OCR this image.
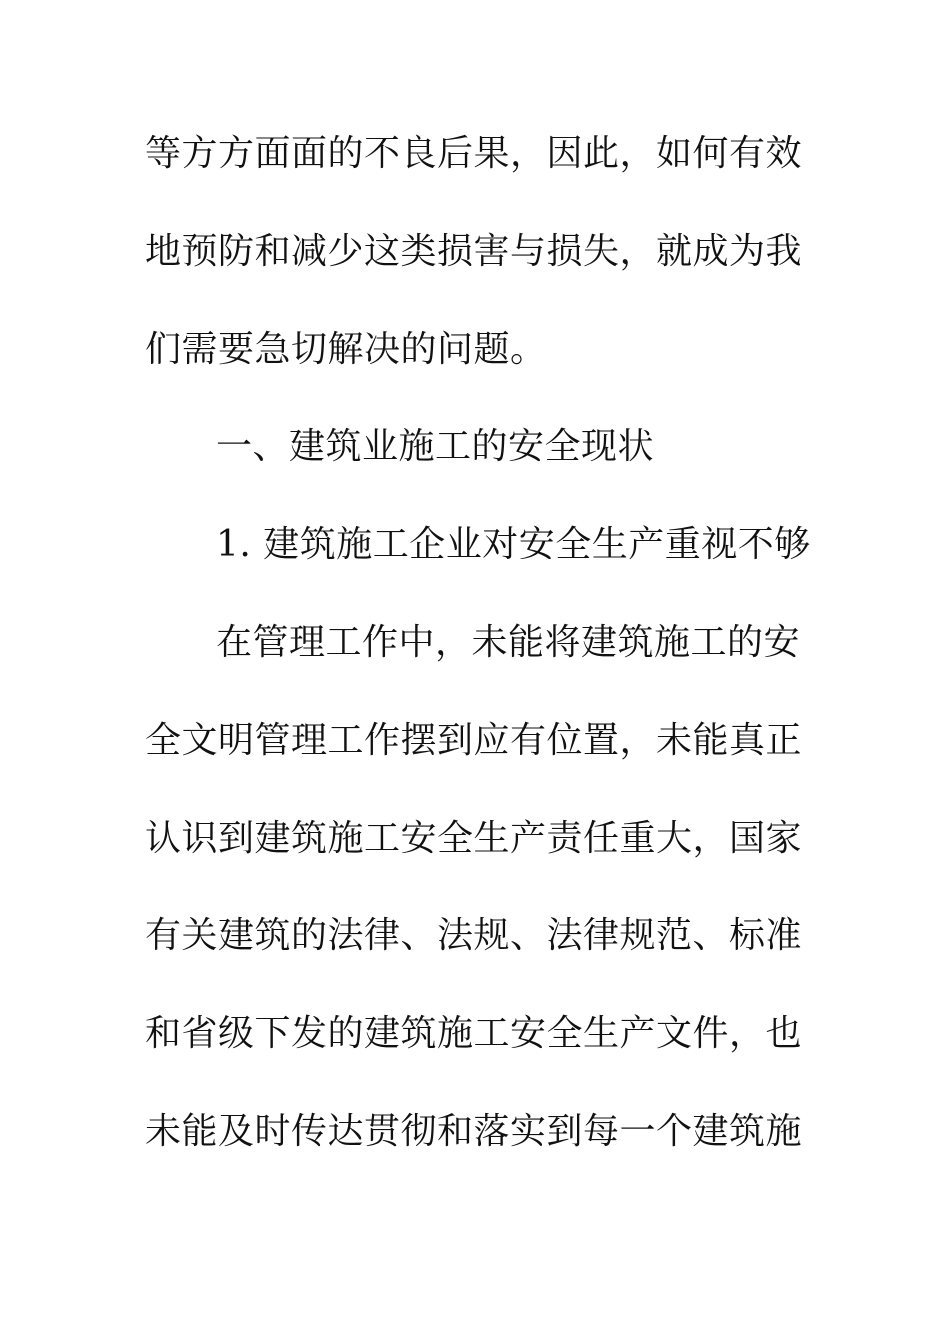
等方方面面的不良后果，因此，如何有效
地预防和减少这类损害与损失，就成为我
们需要急切解决的问题。
一、建筑业施工的安全现状
1. 建筑施工企业对安全生产重视不够
在管理工作中，未能将建筑施工的安
全文明管理工作摆到应有位置，未能真正
认识到建筑施工安全生产责任重大，国家
有关建筑的法律、法规、法律规范、标准
和省级下发的建筑施工安全生产文件，也
未能及时传达贯彻和落实到每一个建筑施
